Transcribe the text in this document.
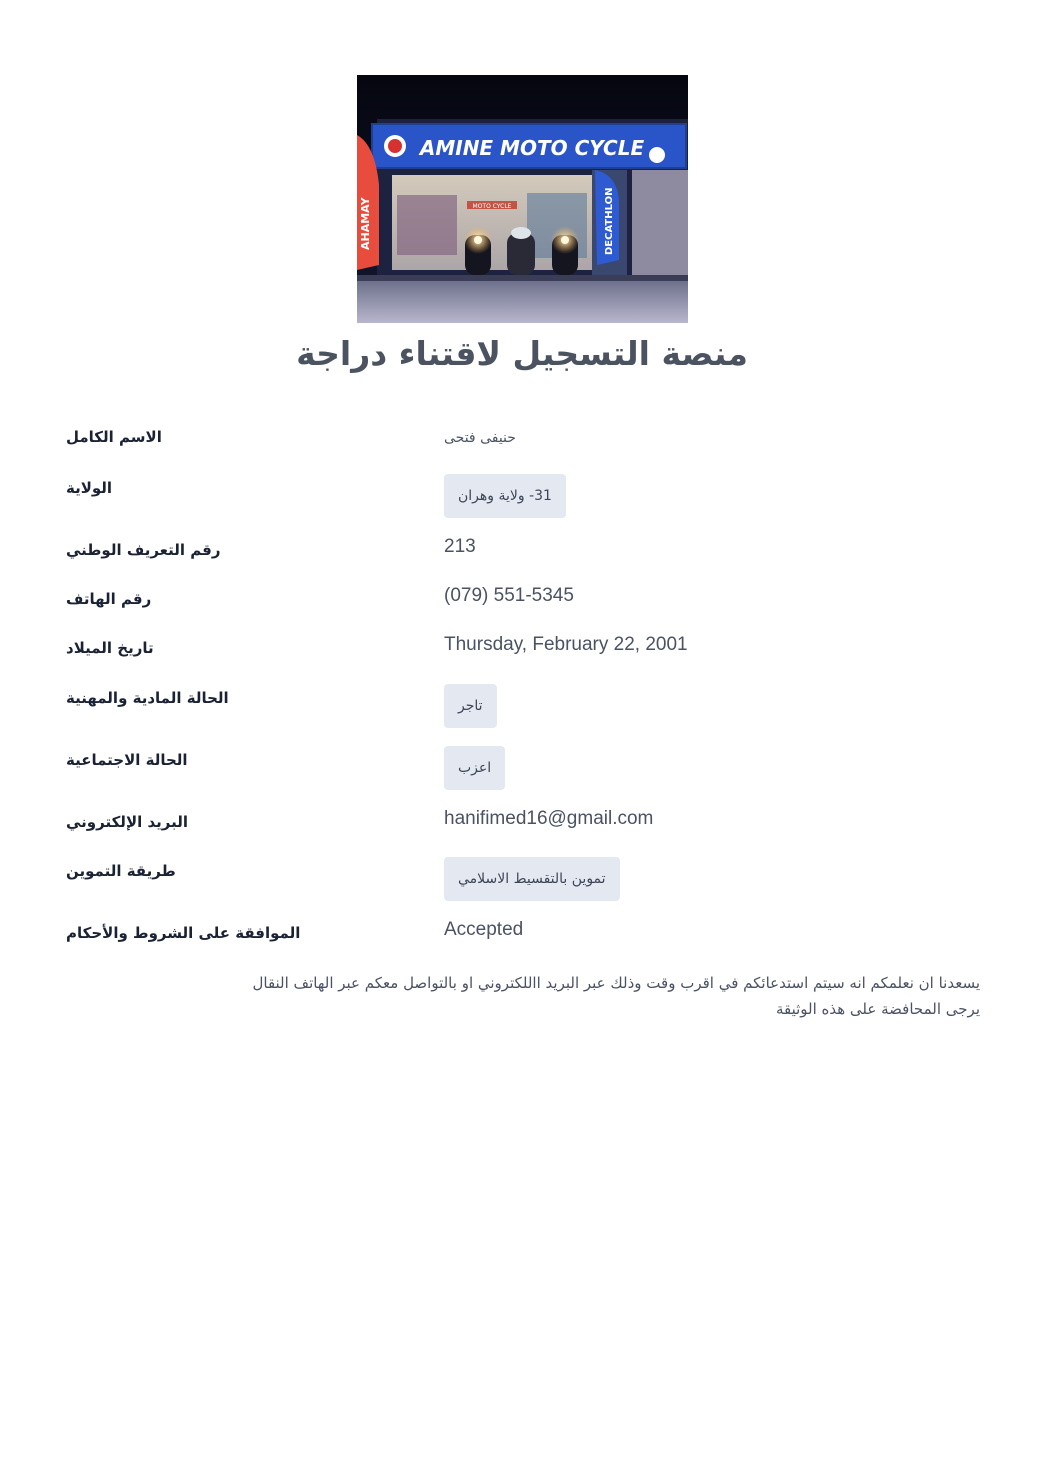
MOTO CYCLE
AMINE MOTO CYCLE
AHAMAY	DECATHLON
منصة التسجيل لاقتناء دراجة
الاسم الكامل	حنيفى فتحى
الولاية	31- ولاية وهران
رقم التعريف الوطني	213
رقم الهاتف	(079) 551-5345
تاريخ الميلاد	Thursday, February 22, 2001
الحالة المادية والمهنية	تاجر
الحالة الاجتماعية	اعزب
البريد الإلكتروني	hanifimed16@gmail.com
طريقة التموين	تموين بالتقسيط الاسلامي
الموافقة على الشروط والأحكام	Accepted
يسعدنا ان نعلمكم انه سيتم استدعائكم في اقرب وقت وذلك عبر البريد االلكتروني او بالتواصل معكم عبر الهاتف النقال
يرجى المحافضة على هذه الوثيقة
